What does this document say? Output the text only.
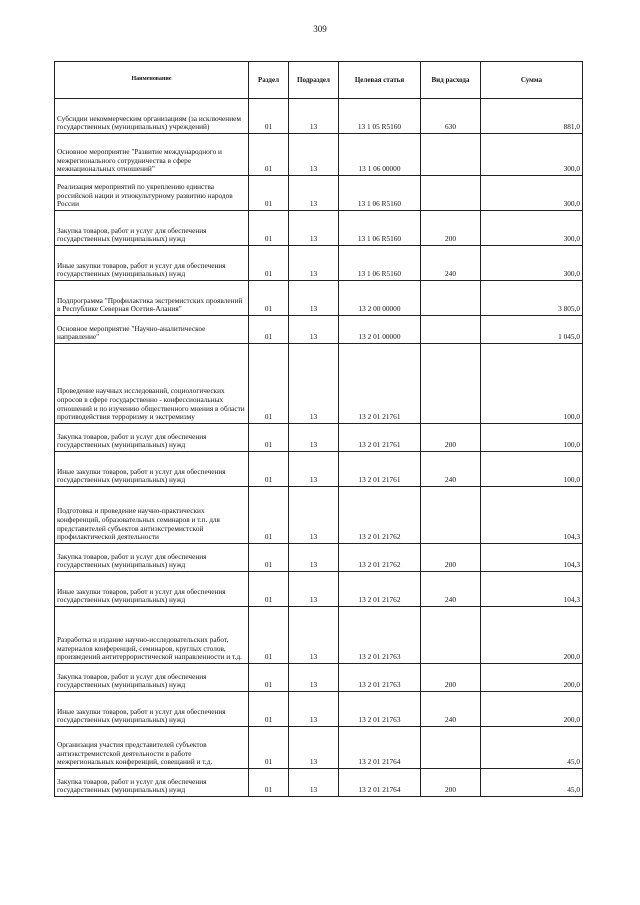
309
Наименование	Раздел	Подраздел	Целевая статья	Вид расхода	Сумма
Субсидии некоммерческим организациям (за исключением государственных (муниципальных) учреждений)	01	13	13 1 05 R5160	630	881,0
Основное мероприятие "Развитие международного и межрегионального сотрудничества в сфере межнациональных отношений"	01	13	13 1 06 00000		300,0
Реализация мероприятий по укреплению единства российской нации и этнокультурному развитию народов России	01	13	13 1 06 R5160		300,0
Закупка товаров, работ и услуг для обеспечения государственных (муниципальных) нужд	01	13	13 1 06 R5160	200	300,0
Иные закупки товаров, работ и услуг для обеспечения государственных (муниципальных) нужд	01	13	13 1 06 R5160	240	300,0
Подпрограмма "Профилактика экстремистских проявлений в Республике Северная Осетия-Алания"	01	13	13 2 00 00000		3 805,0
Основное мероприятие "Научно-аналитическое направление"	01	13	13 2 01 00000		1 045,0
Проведение научных исследований, социологических опросов в сфере государственно - конфессиональных отношений и по изучению общественного мнения в области противодействия терроризму и экстремизму	01	13	13 2 01 21761		100,0
Закупка товаров, работ и услуг для обеспечения государственных (муниципальных) нужд	01	13	13 2 01 21761	200	100,0
Иные закупки товаров, работ и услуг для обеспечения государственных (муниципальных) нужд	01	13	13 2 01 21761	240	100,0
Подготовка и проведение научно-практических конференций, образовательных семинаров и т.п. для представителей субъектов антиэкстремистской профилактической деятельности	01	13	13 2 01 21762		104,3
Закупка товаров, работ и услуг для обеспечения государственных (муниципальных) нужд	01	13	13 2 01 21762	200	104,3
Иные закупки товаров, работ и услуг для обеспечения государственных (муниципальных) нужд	01	13	13 2 01 21762	240	104,3
Разработка и издание научно-исследовательских работ, материалов конференций, семинаров, круглых столов, произведений антитеррористической направленности и т.д.	01	13	13 2 01 21763		200,0
Закупка товаров, работ и услуг для обеспечения государственных (муниципальных) нужд	01	13	13 2 01 21763	200	200,0
Иные закупки товаров, работ и услуг для обеспечения государственных (муниципальных) нужд	01	13	13 2 01 21763	240	200,0
Организация участия представителей субъектов антиэкстремистской деятельности в работе межрегиональных конференций, совещаний и т.д.	01	13	13 2 01 21764		45,0
Закупка товаров, работ и услуг для обеспечения государственных (муниципальных) нужд	01	13	13 2 01 21764	200	45,0
